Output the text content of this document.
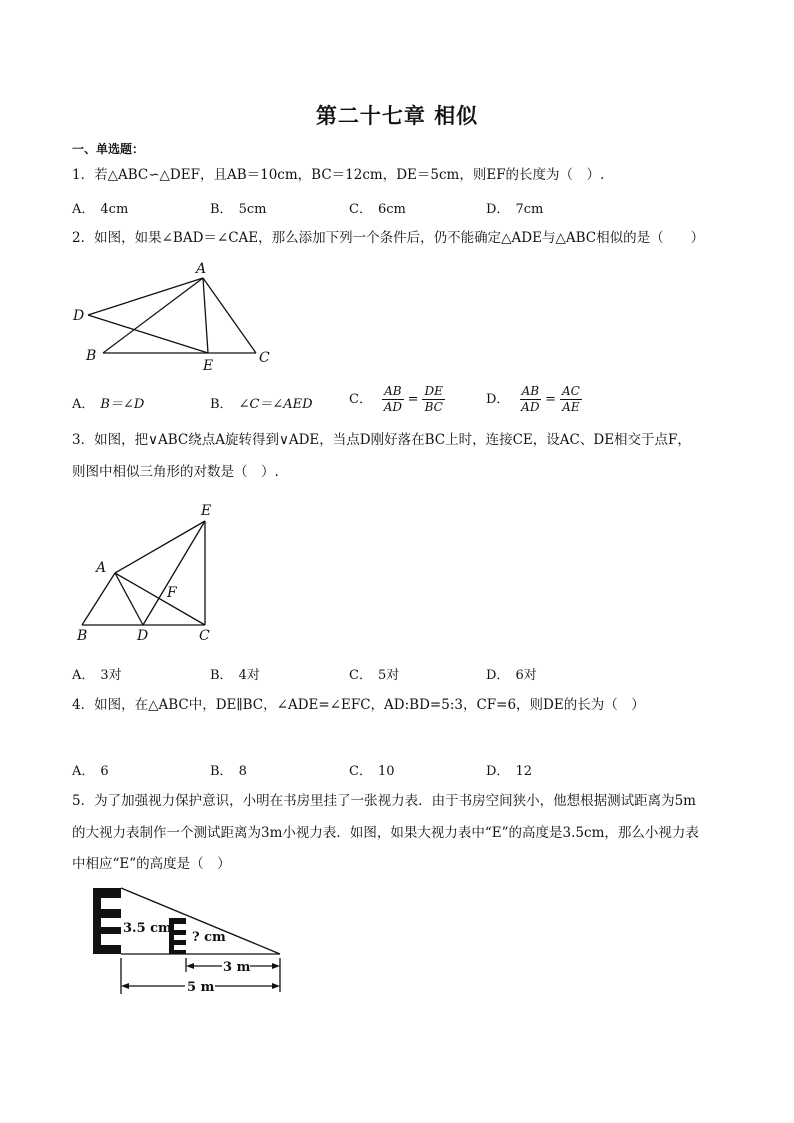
第二十七章 相似
一、单选题：
1．若△ABC∽△DEF，且AB＝10cm，BC＝12cm，DE＝5cm，则EF的长度为（　）.
A． 4cm	B． 5cm	C． 6cm	D． 7cm
2．如图，如果∠BAD＝∠CAE，那么添加下列一个条件后，仍不能确定△ADE与△ABC相似的是（　　）
A
D
B
E	C
A． B＝∠D	B． ∠C＝∠AED	C． $\frac{AB}{AD} = \frac{DE}{BC}$	D． $\frac{AB}{AD} = \frac{AC}{AE}$
3．如图，把∨ABC绕点A旋转得到∨ADE，当点D刚好落在BC上时，连接CE，设AC、DE相交于点F，
则图中相似三角形的对数是（　）.
E
A
F
B	D	C
A． 3对	B． 4对	C． 5对	D． 6对
4．如图，在△ABC中，DE∥BC，∠ADE=∠EFC，AD:BD=5:3，CF=6，则DE的长为（　）
A． 6	B． 8	C． 10	D． 12
5．为了加强视力保护意识，小明在书房里挂了一张视力表．由于书房空间狭小，他想根据测试距离为5m
的大视力表制作一个测试距离为3m小视力表．如图，如果大视力表中“E”的高度是3.5cm，那么小视力表
中相应“E”的高度是（　）
3.5 cm
? cm
3 m
5 m
